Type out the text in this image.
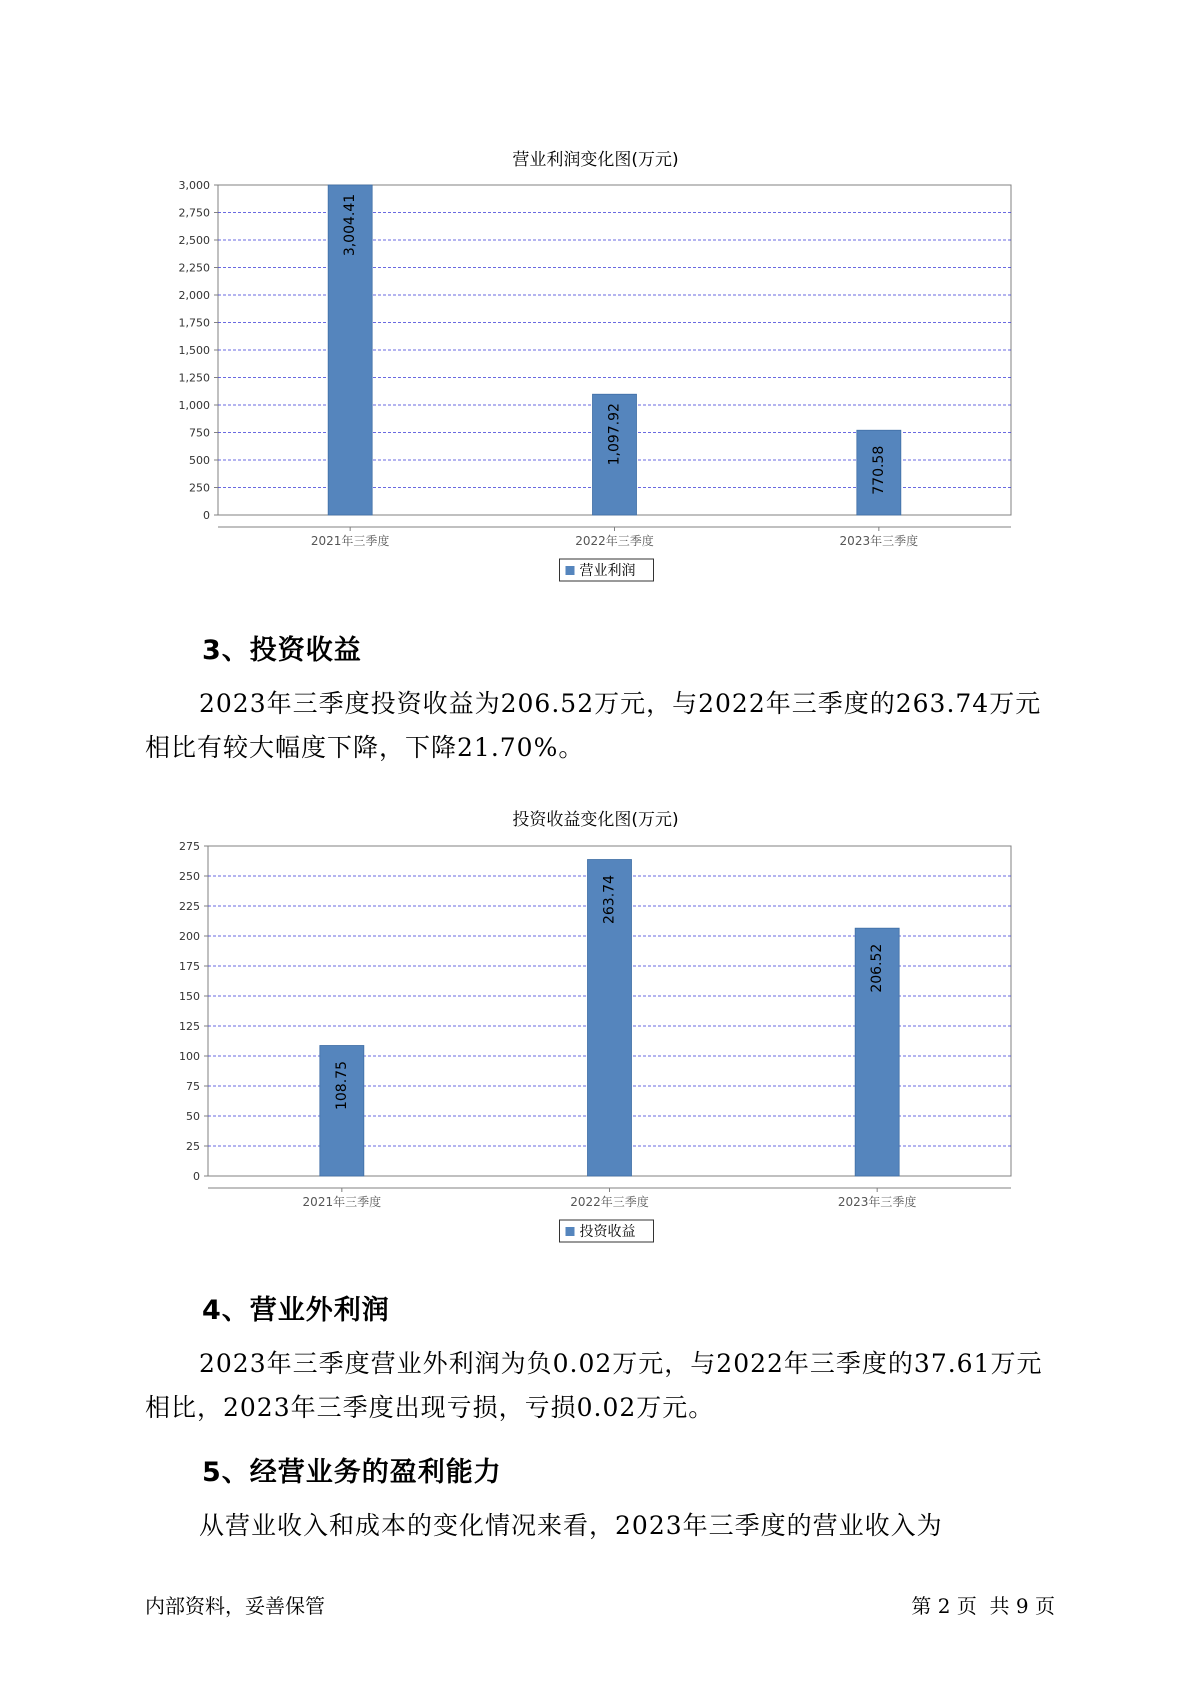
营业利润变化图(万元)
0
250
500
750
1,000
1,250
1,500
1,750
2,000
2,250
2,500
2,750
3,000
3,004.41
2021年三季度
1,097.92
2022年三季度
770.58
2023年三季度
营业利润
3、投资收益
2023年三季度投资收益为206.52万元，与2022年三季度的263.74万元
相比有较大幅度下降，下降21.70%。
投资收益变化图(万元)
0
25
50
75
100
125
150
175
200
225
250
275
108.75
2021年三季度
263.74
2022年三季度
206.52
2023年三季度
投资收益
4、营业外利润
2023年三季度营业外利润为负0.02万元，与2022年三季度的37.61万元
相比，2023年三季度出现亏损，亏损0.02万元。
5、经营业务的盈利能力
从营业收入和成本的变化情况来看，2023年三季度的营业收入为
内部资料，妥善保管	第 2 页  共 9 页
